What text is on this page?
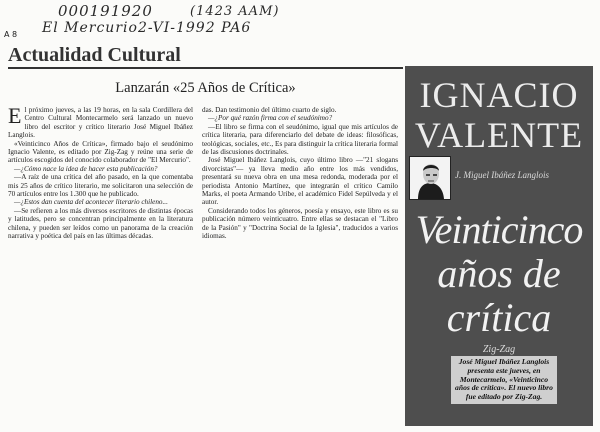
000191920	(1423 AAM)
El Mercurio 2-VI-1992 PA6
A 8
Actualidad Cultural
Lanzarán «25 Años de Crítica»

El próximo jueves, a las 19 horas, en la sala Cordillera del Centro Cultural Montecarmelo será lanzado un nuevo libro del escritor y crítico literario José Miguel Ibáñez Langlois.

«Veinticinco Años de Crítica», firmado bajo el seudónimo Ignacio Valente, es editado por Zig-Zag y reúne una serie de artículos escogidos del conocido colaborador de "El Mercurio".

—¿Cómo nace la idea de hacer esta publicación?

—A raíz de una crítica del año pasado, en la que comentaba mis 25 años de crítico literario, me solicitaron una selección de 70 artículos entre los 1.300 que he publicado.

—¿Estos dan cuenta del acontecer literario chileno...

—Se refieren a los más diversos escritores de distintas épocas y latitudes, pero se concentran principalmente en la literatura chilena, y pueden ser leídos como un panorama de la creación narrativa y poética del país en las últimas décadas.

das. Dan testimonio del último cuarto de siglo.

—¿Por qué razón firma con el seudónimo?

—El libro se firma con el seudónimo, igual que mis artículos de crítica literaria, para diferenciarlo del debate de ideas: filosóficas, teológicas, sociales, etc., Es para distinguir la crítica literaria formal de las discusiones doctrinales.

José Miguel Ibáñez Langlois, cuyo último libro —"21 slogans divorcistas"— ya lleva medio año entre los más vendidos, presentará su nueva obra en una mesa redonda, moderada por el periodista Antonio Martínez, que integrarán el crítico Camilo Marks, el poeta Armando Uribe, el académico Fidel Sepúlveda y el autor.

Considerando todos los géneros, poesía y ensayo, este libro es su publicación número veinticuatro. Entre ellas se destacan el "Libro de la Pasión" y "Doctrina Social de la Iglesia", traducidos a varios idiomas.

IGNACIO
VALENTE
J. Miguel Ibáñez Langlois
Veinticinco
años de
crítica
Zig-Zag
José Miguel Ibáñez Langlois presenta este jueves, en Montecarmelo, «Veinticinco años de crítica». El nuevo libro fue editado por Zig-Zag.
